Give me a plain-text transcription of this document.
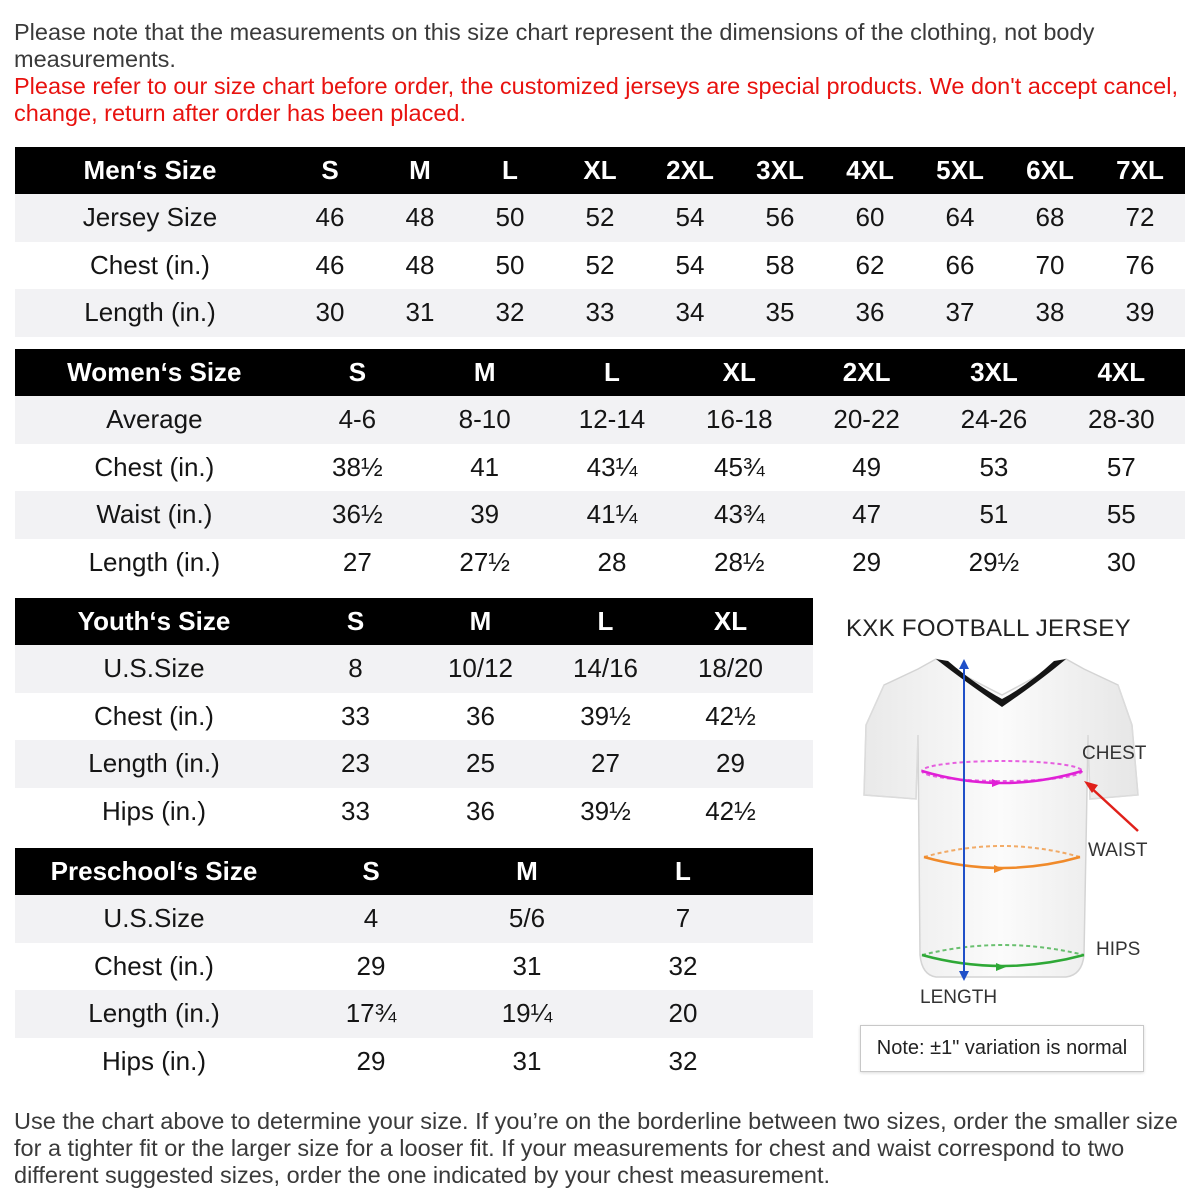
Please note that the measurements on this size chart represent the dimensions of the clothing, not body measurements.
Please refer to our size chart before order, the customized jerseys are special products. We don't accept cancel, change, return after order has been placed.
Men‘s Size	S	M	L	XL	2XL	3XL	4XL	5XL	6XL	7XL
Jersey Size	46	48	50	52	54	56	60	64	68	72
Chest (in.)	46	48	50	52	54	58	62	66	70	76
Length (in.)	30	31	32	33	34	35	36	37	38	39
Women‘s Size	S	M	L	XL	2XL	3XL	4XL
Average	4-6	8-10	12-14	16-18	20-22	24-26	28-30
Chest (in.)	38½	41	43¼	45¾	49	53	57
Waist (in.)	36½	39	41¼	43¾	47	51	55
Length (in.)	27	27½	28	28½	29	29½	30
Youth‘s Size	S	M	L	XL	
U.S.Size	8	10/12	14/16	18/20	
Chest (in.)	33	36	39½	42½	
Length (in.)	23	25	27	29	
Hips (in.)	33	36	39½	42½	
Preschool‘s Size	S	M	L	
U.S.Size	4	5/6	7	
Chest (in.)	29	31	32	
Length (in.)	17¾	19¼	20	
Hips (in.)	29	31	32	
KXK FOOTBALL JERSEY
CHEST
WAIST
HIPS
LENGTH
Note: ±1" variation is normal
Use the chart above to determine your size. If you’re on the borderline between two sizes, order the smaller size for a tighter fit or the larger size for a looser fit. If your measurements for chest and waist correspond to two different suggested sizes, order the one indicated by your chest measurement.
